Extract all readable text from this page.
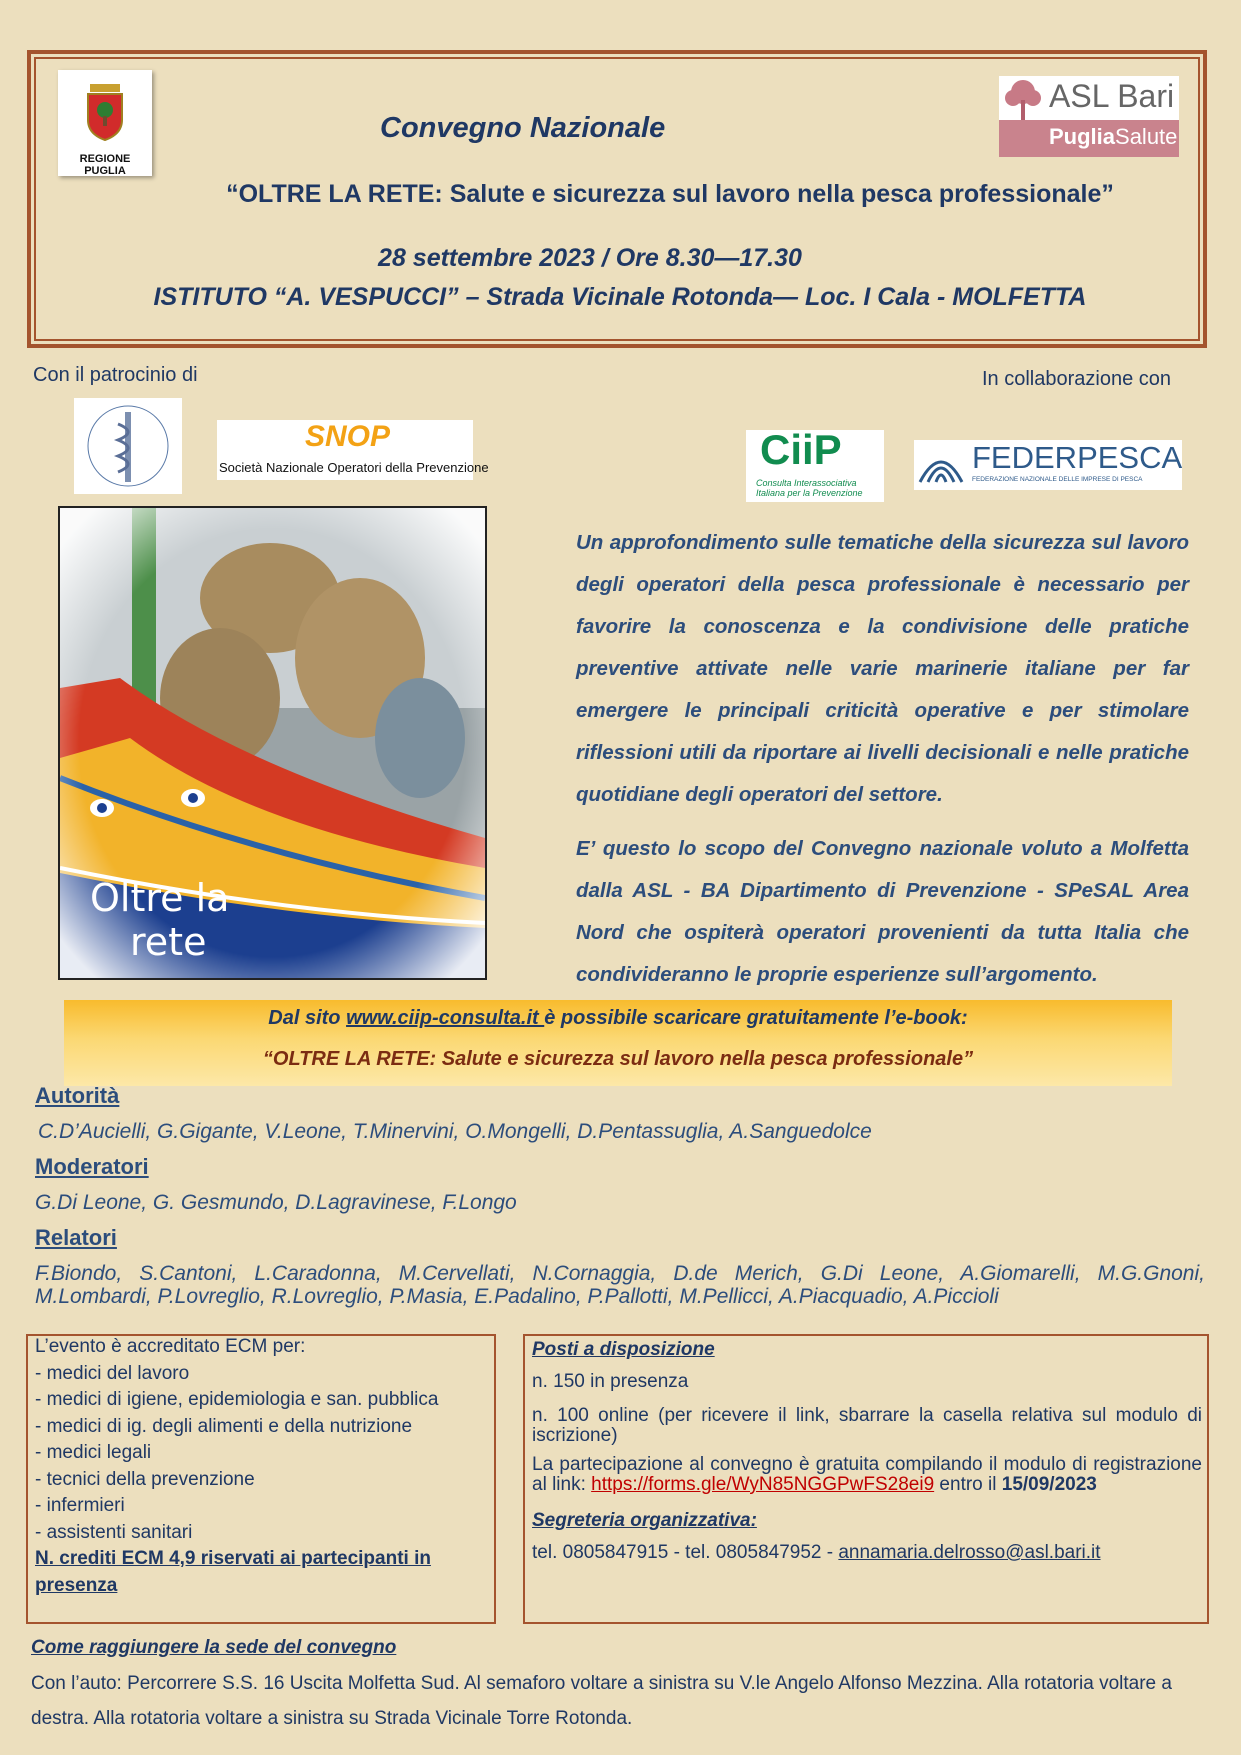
REGIONE PUGLIA
Convegno Nazionale
ASL Bari
PugliaSalute
“OLTRE LA RETE: Salute e sicurezza sul lavoro nella pesca professionale”
28 settembre 2023 / Ore 8.30—17.30
ISTITUTO “A. VESPUCCI” – Strada Vicinale Rotonda— Loc. I Cala - MOLFETTA
Con il patrocinio di	In collaborazione con
SNOP
Società Nazionale Operatori della Prevenzione	CiiP
Consulta Interassociativa
Italiana per la Prevenzione
FEDERPESCA
FEDERAZIONE NAZIONALE DELLE IMPRESE DI PESCA
Oltre la
rete

Un approfondimento sulle tematiche della sicurezza sul lavoro degli operatori della pesca professionale è necessario per favorire la conoscenza e la condivisione delle pratiche preventive attivate nelle varie marinerie italiane per far emergere le principali criticità operative e per stimolare riflessioni utili da riportare ai livelli decisionali e nelle pratiche quotidiane degli operatori del settore.

E’ questo lo scopo del Convegno nazionale voluto a Molfetta dalla ASL - BA Dipartimento di Prevenzione - SPeSAL Area Nord che ospiterà operatori provenienti da tutta Italia che condivideranno le proprie esperienze sull’argomento.

Dal sito www.ciip-consulta.it è possibile scaricare gratuitamente l’e-book:
“OLTRE LA RETE: Salute e sicurezza sul lavoro nella pesca professionale”
Autorità
C.D’Aucielli, G.Gigante, V.Leone, T.Minervini, O.Mongelli, D.Pentassuglia, A.Sanguedolce
Moderatori
G.Di Leone, G. Gesmundo, D.Lagravinese, F.Longo
Relatori
F.Biondo, S.Cantoni, L.Caradonna, M.Cervellati, N.Cornaggia, D.de Merich, G.Di Leone, A.Giomarelli, M.G.Gnoni, M.Lombardi, P.Lovreglio, R.Lovreglio, P.Masia, E.Padalino, P.Pallotti, M.Pellicci, A.Piacquadio, A.Piccioli
L’evento è accreditato ECM per:
- medici del lavoro
- medici di igiene, epidemiologia e san. pubblica
- medici di ig. degli alimenti e della nutrizione
- medici legali
- tecnici della prevenzione
- infermieri
- assistenti sanitari
N. crediti ECM 4,9 riservati ai partecipanti in presenza
Posti a disposizione
n. 150 in presenza
n. 100 online (per ricevere il link, sbarrare la casella relativa sul modulo di iscrizione)
La partecipazione al convegno è gratuita compilando il modulo di registrazione al link: https://forms.gle/WyN85NGGPwFS28ei9 entro il 15/09/2023
Segreteria organizzativa:
tel. 0805847915 - tel. 0805847952 - annamaria.delrosso@asl.bari.it
Come raggiungere la sede del convegno
Con l’auto: Percorrere S.S. 16 Uscita Molfetta Sud. Al semaforo voltare a sinistra su V.le Angelo Alfonso Mezzina. Alla rotatoria voltare a destra. Alla rotatoria voltare a sinistra su Strada Vicinale Torre Rotonda.
